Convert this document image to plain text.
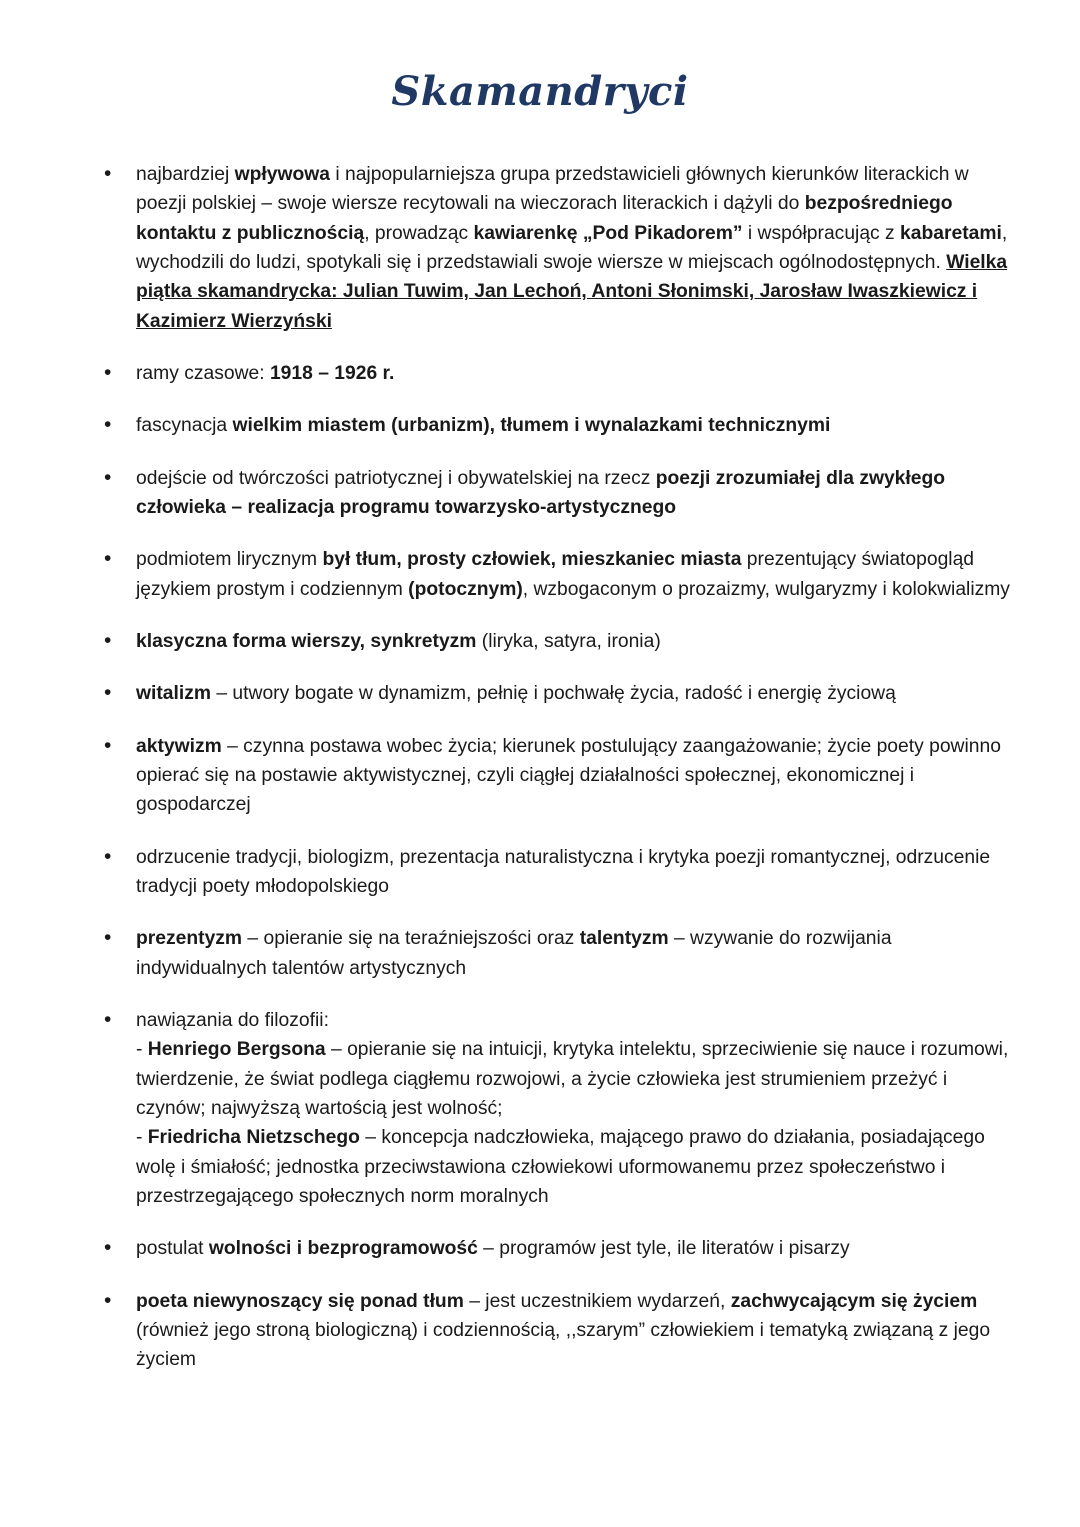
Skamandryci
• najbardziej wpływowa i najpopularniejsza grupa przedstawicieli głównych kierunków literackich w poezji polskiej – swoje wiersze recytowali na wieczorach literackich i dążyli do bezpośredniego kontaktu z publicznością, prowadząc kawiarenkę „Pod Pikadorem” i współpracując z kabaretami, wychodzili do ludzi, spotykali się i przedstawiali swoje wiersze w miejscach ogólnodostępnych. Wielka piątka skamandrycka: Julian Tuwim, Jan Lechoń, Antoni Słonimski, Jarosław Iwaszkiewicz i Kazimierz Wierzyński
• ramy czasowe: 1918 – 1926 r.
• fascynacja wielkim miastem (urbanizm), tłumem i wynalazkami technicznymi
• odejście od twórczości patriotycznej i obywatelskiej na rzecz poezji zrozumiałej dla zwykłego człowieka – realizacja programu towarzysko-artystycznego
• podmiotem lirycznym był tłum, prosty człowiek, mieszkaniec miasta prezentujący światopogląd językiem prostym i codziennym (potocznym), wzbogaconym o prozaizmy, wulgaryzmy i kolokwializmy
• klasyczna forma wierszy, synkretyzm (liryka, satyra, ironia)
• witalizm – utwory bogate w dynamizm, pełnię i pochwałę życia, radość i energię życiową
• aktywizm – czynna postawa wobec życia; kierunek postulujący zaangażowanie; życie poety powinno opierać się na postawie aktywistycznej, czyli ciągłej działalności społecznej, ekonomicznej i gospodarczej
• odrzucenie tradycji, biologizm, prezentacja naturalistyczna i krytyka poezji romantycznej, odrzucenie tradycji poety młodopolskiego
• prezentyzm – opieranie się na teraźniejszości oraz talentyzm – wzywanie do rozwijania indywidualnych talentów artystycznych
• nawiązania do filozofii:
- Henriego Bergsona – opieranie się na intuicji, krytyka intelektu, sprzeciwienie się nauce i rozumowi, twierdzenie, że świat podlega ciągłemu rozwojowi, a życie człowieka jest strumieniem przeżyć i czynów; najwyższą wartością jest wolność;
- Friedricha Nietzschego – koncepcja nadczłowieka, mającego prawo do działania, posiadającego wolę i śmiałość; jednostka przeciwstawiona człowiekowi uformowanemu przez społeczeństwo i przestrzegającego społecznych norm moralnych
• postulat wolności i bezprogramowość – programów jest tyle, ile literatów i pisarzy
• poeta niewynoszący się ponad tłum – jest uczestnikiem wydarzeń, zachwycającym się życiem (również jego stroną biologiczną) i codziennością, ,,szarym” człowiekiem i tematyką związaną z jego życiem
